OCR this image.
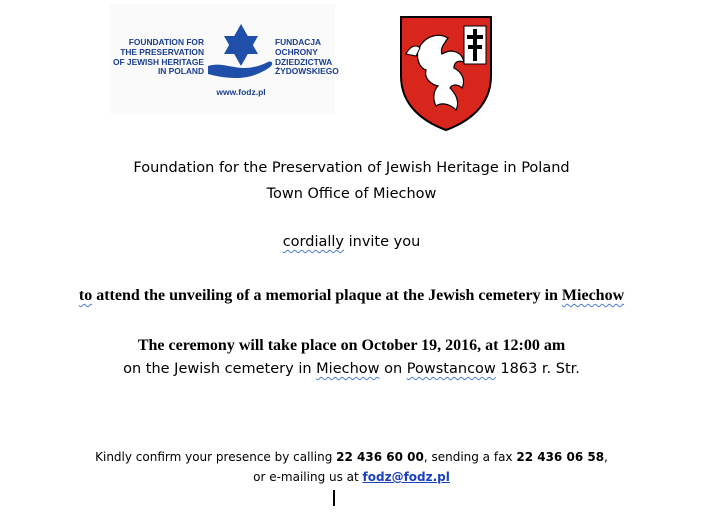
FOUNDATION FOR
THE PRESERVATION
OF JEWISH HERITAGE
IN POLAND
FUNDACJA
OCHRONY
DZIEDZICTWA
ŻYDOWSKIEGO
www.fodz.pl
Foundation for the Preservation of Jewish Heritage in Poland
Town Office of Miechow
cordially invite you
to attend the unveiling of a memorial plaque at the Jewish cemetery in Miechow
The ceremony will take place on October 19, 2016, at 12:00 am
on the Jewish cemetery in Miechow on Powstancow 1863 r. Str.
Kindly confirm your presence by calling 22 436 60 00, sending a fax 22 436 06 58,
or e-mailing us at fodz@fodz.pl
